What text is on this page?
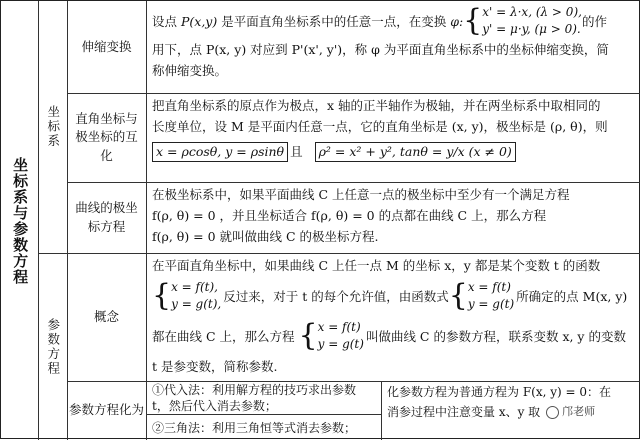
坐标系与参数方程
坐标系
参数方程
伸缩变换

设点 P(x,y) 是平面直角坐标系中的任意一点，在变换 φ: { x' = λ·x, (λ > 0),
y' = μ·y, (μ > 0).
的作

用下，点 P(x, y) 对应到 P'(x', y')，称 φ 为平面直角坐标系中的坐标伸缩变换，简

称伸缩变换。

直角坐标与极坐标的互化

把直角坐标系的原点作为极点，x 轴的正半轴作为极轴，并在两坐标系中取相同的

长度单位，设 M 是平面内任意一点，它的直角坐标是 (x, y)，极坐标是 (ρ, θ)，则

x = ρcosθ, y = ρsinθ 且	ρ² = x² + y², tanθ = y/x (x ≠ 0)

曲线的极坐标方程

在极坐标系中，如果平面曲线 C 上任意一点的极坐标中至少有一个满足方程

f(ρ, θ) = 0 ，并且坐标适合 f(ρ, θ) = 0 的点都在曲线 C 上，那么方程

f(ρ, θ) = 0 就叫做曲线 C 的极坐标方程.

概念

在平面直角坐标中，如果曲线 C 上任一点 M 的坐标 x，y 都是某个变数 t 的函数

{ x = f(t),
y = g(t),
反过来，对于 t 的每个允许值，由函数式 { x = f(t)
y = g(t)
所确定的点 M(x, y)

都在曲线 C 上，那么方程 { x = f(t)
y = g(t)
叫做曲线 C 的参数方程，联系变数 x, y 的变数

t 是参变数，简称参数.

参数方程化为

①代入法：利用解方程的技巧求出参数

t，然后代入消去参数；

②三角法：利用三角恒等式消去参数；

化参数方程为普通方程为 F(x, y) = 0：在

消参过程中注意变量 x、y 取 邝老师
